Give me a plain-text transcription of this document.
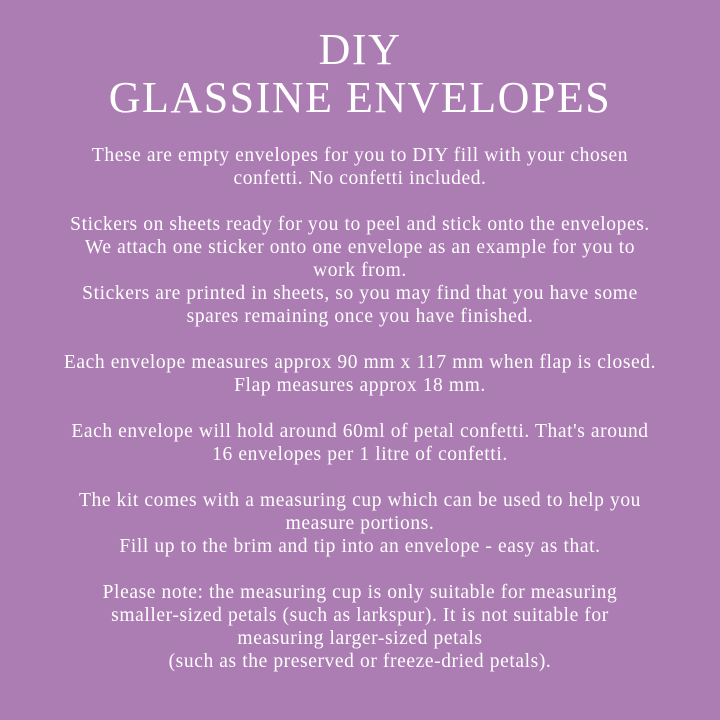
DIY
GLASSINE ENVELOPES

These are empty envelopes for you to DIY fill with your chosen
confetti. No confetti included.

Stickers on sheets ready for you to peel and stick onto the envelopes.
We attach one sticker onto one envelope as an example for you to
work from.
Stickers are printed in sheets, so you may find that you have some
spares remaining once you have finished.

Each envelope measures approx 90 mm x 117 mm when flap is closed.
Flap measures approx 18 mm.

Each envelope will hold around 60ml of petal confetti. That's around
16 envelopes per 1 litre of confetti.

The kit comes with a measuring cup which can be used to help you
measure portions.
Fill up to the brim and tip into an envelope - easy as that.

Please note: the measuring cup is only suitable for measuring
smaller-sized petals (such as larkspur). It is not suitable for
measuring larger-sized petals
(such as the preserved or freeze-dried petals).
